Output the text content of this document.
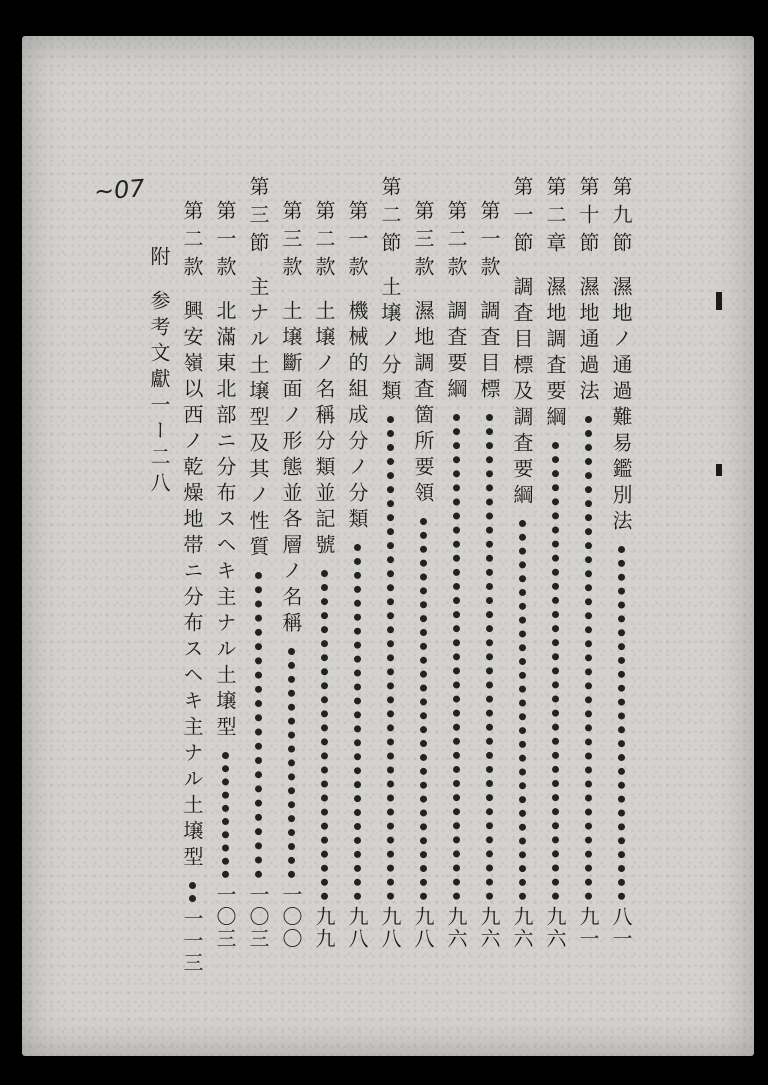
~07	第九節濕地ノ通過難易鑑別法八一
第十節濕地通過法九一
第二章濕地調査要綱九六
第一節調査目標及調査要綱九六
第一款調査目標九六
第二款調査要綱九六
第三款濕地調査箇所要領九八
第二節土壌ノ分類九八
第一款機械的組成分ノ分類九八
第二款土壌ノ名稱分類並記號九九
第三款土壌斷面ノ形態並各層ノ名稱一〇〇
第三節主ナル土壌型及其ノ性質一〇三
第一款北滿東北部ニ分布スヘキ主ナル土壌型一〇三
第二款興安嶺以西ノ乾燥地帯ニ分布スヘキ主ナル土壌型一一三
附参考文獻一ー二八
